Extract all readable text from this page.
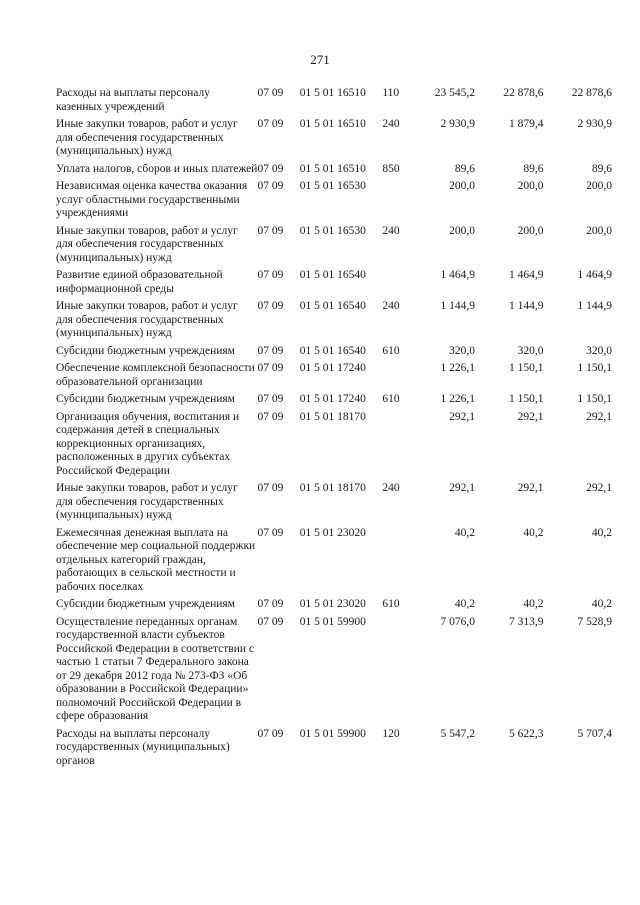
271
Расходы на выплаты персоналу казенных учреждений	07 09	01 5 01 16510	110	23 545,2	22 878,6	22 878,6
Иные закупки товаров, работ и услуг для обеспечения государственных (муниципальных) нужд	07 09	01 5 01 16510	240	2 930,9	1 879,4	2 930,9
Уплата налогов, сборов и иных платежей	07 09	01 5 01 16510	850	89,6	89,6	89,6
Независимая оценка качества оказания услуг областными государственными учреждениями	07 09	01 5 01 16530		200,0	200,0	200,0
Иные закупки товаров, работ и услуг для обеспечения государственных (муниципальных) нужд	07 09	01 5 01 16530	240	200,0	200,0	200,0
Развитие единой образовательной информационной среды	07 09	01 5 01 16540		1 464,9	1 464,9	1 464,9
Иные закупки товаров, работ и услуг для обеспечения государственных (муниципальных) нужд	07 09	01 5 01 16540	240	1 144,9	1 144,9	1 144,9
Субсидии бюджетным учреждениям	07 09	01 5 01 16540	610	320,0	320,0	320,0
Обеспечение комплексной безопасности образовательной организации	07 09	01 5 01 17240		1 226,1	1 150,1	1 150,1
Субсидии бюджетным учреждениям	07 09	01 5 01 17240	610	1 226,1	1 150,1	1 150,1
Организация обучения, воспитания и содержания детей в специальных коррекционных организациях, расположенных в других субъектах Российской Федерации	07 09	01 5 01 18170		292,1	292,1	292,1
Иные закупки товаров, работ и услуг для обеспечения государственных (муниципальных) нужд	07 09	01 5 01 18170	240	292,1	292,1	292,1
Ежемесячная денежная выплата на обеспечение мер социальной поддержки отдельных категорий граждан, работающих в сельской местности и рабочих поселках	07 09	01 5 01 23020		40,2	40,2	40,2
Субсидии бюджетным учреждениям	07 09	01 5 01 23020	610	40,2	40,2	40,2
Осуществление переданных органам государственной власти субъектов Российской Федерации в соответствии с частью 1 статьи 7 Федерального закона от 29 декабря 2012 года № 273-ФЗ «Об образовании в Российской Федерации» полномочий Российской Федерации в сфере образования	07 09	01 5 01 59900		7 076,0	7 313,9	7 528,9
Расходы на выплаты персоналу государственных (муниципальных) органов	07 09	01 5 01 59900	120	5 547,2	5 622,3	5 707,4
